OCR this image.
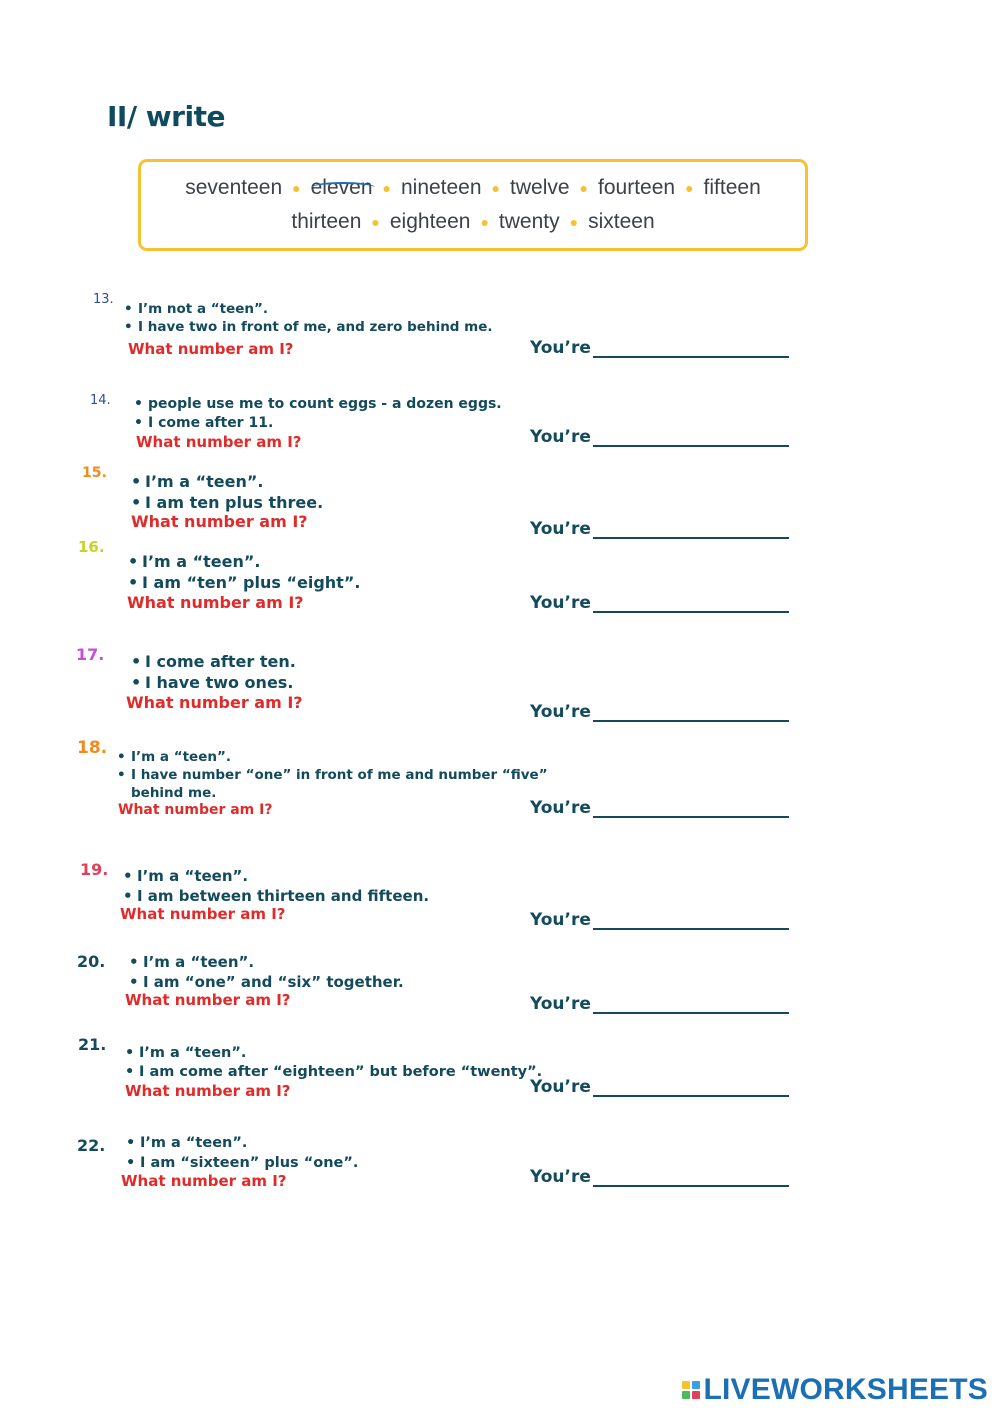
II/ write
seventeen ● eleven ● nineteen ● twelve ● fourteen ● fifteen
thirteen ● eighteen ● twenty ● sixteen
13.
• I’m not a “teen”.
• I have two in front of me, and zero behind me.
What number am I?	You’re
14. • people use me to count eggs - a dozen eggs.
• I come after 11.
What number am I?	You’re
15. • I’m a “teen”.
• I am ten plus three.
What number am I?	You’re
16.
• I’m a “teen”.
• I am “ten” plus “eight”.
What number am I?	You’re
17. • I come after ten.
• I have two ones.
What number am I?	You’re
18. • I’m a “teen”.
• I have number “one” in front of me and number “five”
behind me.
What number am I?	You’re
19. • I’m a “teen”.
• I am between thirteen and fifteen.
What number am I?	You’re
20. • I’m a “teen”.
• I am “one” and “six” together.
What number am I?	You’re
21. • I’m a “teen”.
• I am come after “eighteen” but before “twenty”.
What number am I?	You’re
22. • I’m a “teen”.
• I am “sixteen” plus “one”.
What number am I?	You’re
LIVEWORKSHEETS
